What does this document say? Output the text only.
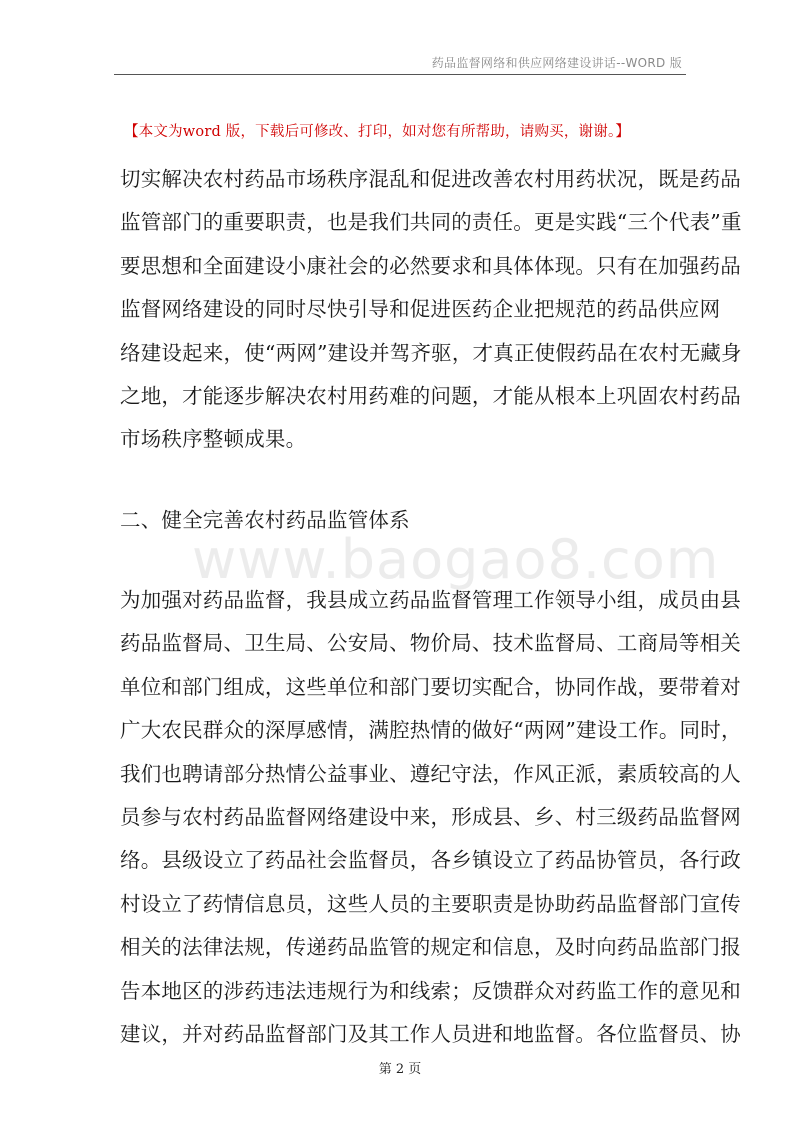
药品监督网络和供应网络建设讲话--WORD 版
【本文为word 版，下载后可修改、打印，如对您有所帮助，请购买，谢谢。】
切实解决农村药品市场秩序混乱和促进改善农村用药状况，既是药品
监管部门的重要职责，也是我们共同的责任。更是实践“三个代表”重
要思想和全面建设小康社会的必然要求和具体体现。只有在加强药品
监督网络建设的同时尽快引导和促进医药企业把规范的药品供应网
络建设起来，使“两网”建设并驾齐驱，才真正使假药品在农村无藏身
之地，才能逐步解决农村用药难的问题，才能从根本上巩固农村药品
市场秩序整顿成果。
二、健全完善农村药品监管体系
www.baogao8.com
为加强对药品监督，我县成立药品监督管理工作领导小组，成员由县
药品监督局、卫生局、公安局、物价局、技术监督局、工商局等相关
单位和部门组成，这些单位和部门要切实配合，协同作战，要带着对
广大农民群众的深厚感情，满腔热情的做好“两网”建设工作。同时，
我们也聘请部分热情公益事业、遵纪守法，作风正派，素质较高的人
员参与农村药品监督网络建设中来，形成县、乡、村三级药品监督网
络。县级设立了药品社会监督员，各乡镇设立了药品协管员，各行政
村设立了药情信息员，这些人员的主要职责是协助药品监督部门宣传
相关的法律法规，传递药品监管的规定和信息，及时向药品监部门报
告本地区的涉药违法违规行为和线索；反馈群众对药监工作的意见和
建议，并对药品监督部门及其工作人员进和地监督。各位监督员、协
第 2 页
